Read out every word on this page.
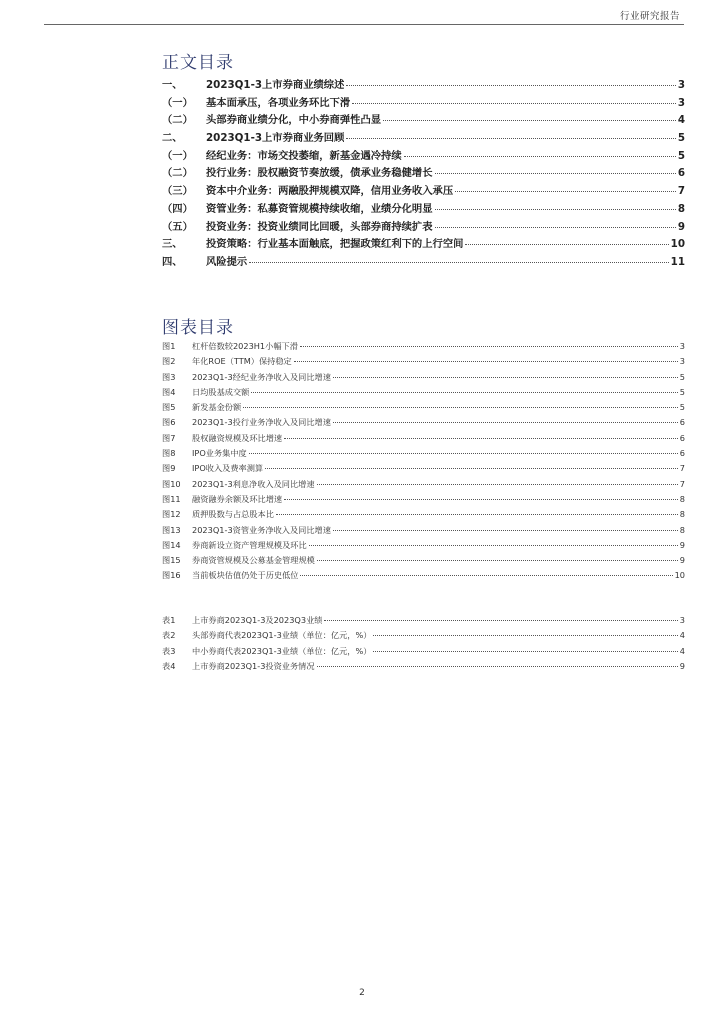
行业研究报告
正文目录
一、	2023Q1-3上市券商业绩综述	3
（一）	基本面承压，各项业务环比下滑	3
（二）	头部券商业绩分化，中小券商弹性凸显	4
二、	2023Q1-3上市券商业务回顾	5
（一）	经纪业务：市场交投萎缩，新基金遇冷持续	5
（二）	投行业务：股权融资节奏放缓，债承业务稳健增长	6
（三）	资本中介业务：两融股押规模双降，信用业务收入承压	7
（四）	资管业务：私募资管规模持续收缩，业绩分化明显	8
（五）	投资业务：投资业绩同比回暖，头部券商持续扩表	9
三、	投资策略：行业基本面触底，把握政策红利下的上行空间	10
四、	风险提示	11
图表目录
图1	杠杆倍数较2023H1小幅下滑	3
图2	年化ROE（TTM）保持稳定	3
图3	2023Q1-3经纪业务净收入及同比增速	5
图4	日均股基成交额	5
图5	新发基金份额	5
图6	2023Q1-3投行业务净收入及同比增速	6
图7	股权融资规模及环比增速	6
图8	IPO业务集中度	6
图9	IPO收入及费率测算	7
图10	2023Q1-3利息净收入及同比增速	7
图11	融资融券余额及环比增速	8
图12	质押股数与占总股本比	8
图13	2023Q1-3资管业务净收入及同比增速	8
图14	券商新设立资产管理规模及环比	9
图15	券商资管规模及公募基金管理规模	9
图16	当前板块估值仍处于历史低位	10
表1	上市券商2023Q1-3及2023Q3业绩	3
表2	头部券商代表2023Q1-3业绩（单位：亿元，%）	4
表3	中小券商代表2023Q1-3业绩（单位：亿元，%）	4
表4	上市券商2023Q1-3投资业务情况	9
2
